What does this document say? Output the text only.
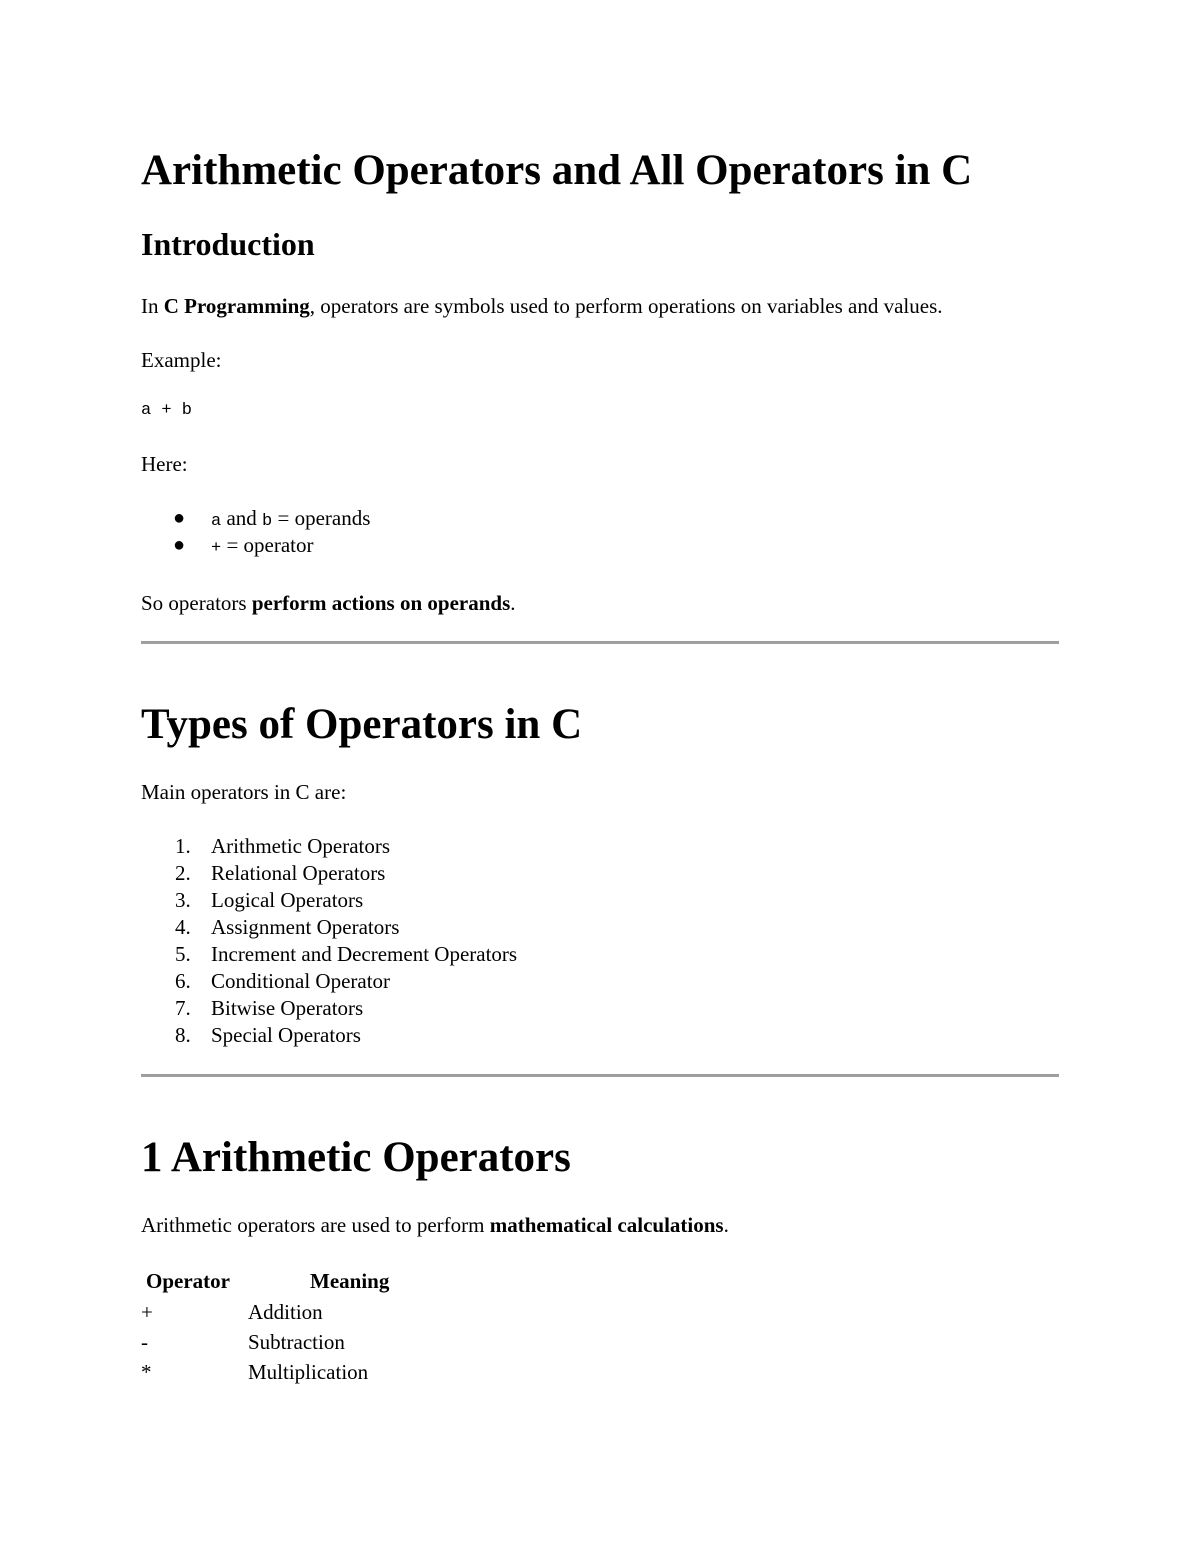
Arithmetic Operators and All Operators in C
Introduction

In C Programming, operators are symbols used to perform operations on variables and values.

Example:

a + b

Here:

● a and b = operands
● + = operator

So operators perform actions on operands.

Types of Operators in C

Main operators in C are:

1. Arithmetic Operators
2. Relational Operators
3. Logical Operators
4. Assignment Operators
5. Increment and Decrement Operators
6. Conditional Operator
7. Bitwise Operators
8. Special Operators
1 Arithmetic Operators

Arithmetic operators are used to perform mathematical calculations.

Operator	Meaning
+	Addition
-	Subtraction
*	Multiplication
